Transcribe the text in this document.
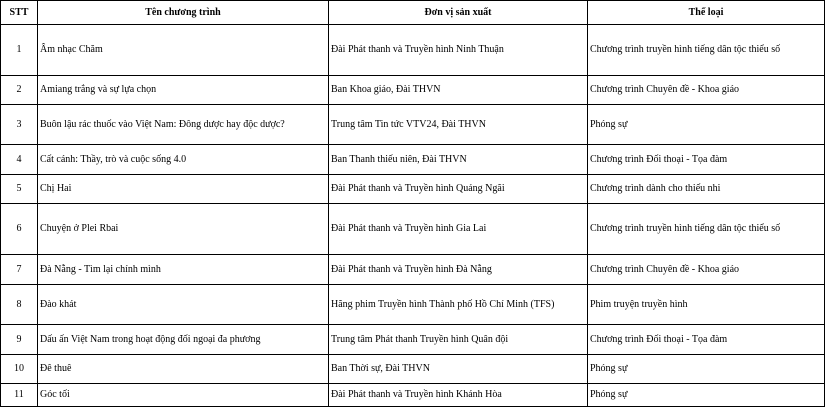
STT	Tên chương trình	Đơn vị sản xuất	Thể loại
1	Âm nhạc Chăm	Đài Phát thanh và Truyền hình Ninh Thuận	Chương trình truyền hình tiếng dân tộc thiểu số
2	Amiang trắng và sự lựa chọn	Ban Khoa giáo, Đài THVN	Chương trình Chuyên đề - Khoa giáo
3	Buôn lậu rác thuốc vào Việt Nam: Đông dược hay độc dược?	Trung tâm Tin tức VTV24, Đài THVN	Phóng sự
4	Cất cánh: Thầy, trò và cuộc sống 4.0	Ban Thanh thiếu niên, Đài THVN	Chương trình Đối thoại - Tọa đàm
5	Chị Hai	Đài Phát thanh và Truyền hình Quảng Ngãi	Chương trình dành cho thiếu nhi
6	Chuyện ở Plei Rbai	Đài Phát thanh và Truyền hình Gia Lai	Chương trình truyền hình tiếng dân tộc thiểu số
7	Đà Nẵng - Tìm lại chính mình	Đài Phát thanh và Truyền hình Đà Nẵng	Chương trình Chuyên đề - Khoa giáo
8	Đào khát	Hãng phim Truyền hình Thành phố Hồ Chí Minh (TFS)	Phim truyện truyền hình
9	Dấu ấn Việt Nam trong hoạt động đối ngoại đa phương	Trung tâm Phát thanh Truyền hình Quân đội	Chương trình Đối thoại - Tọa đàm
10	Đê thuê	Ban Thời sự, Đài THVN	Phóng sự
11	Góc tối	Đài Phát thanh và Truyền hình Khánh Hòa	Phóng sự
